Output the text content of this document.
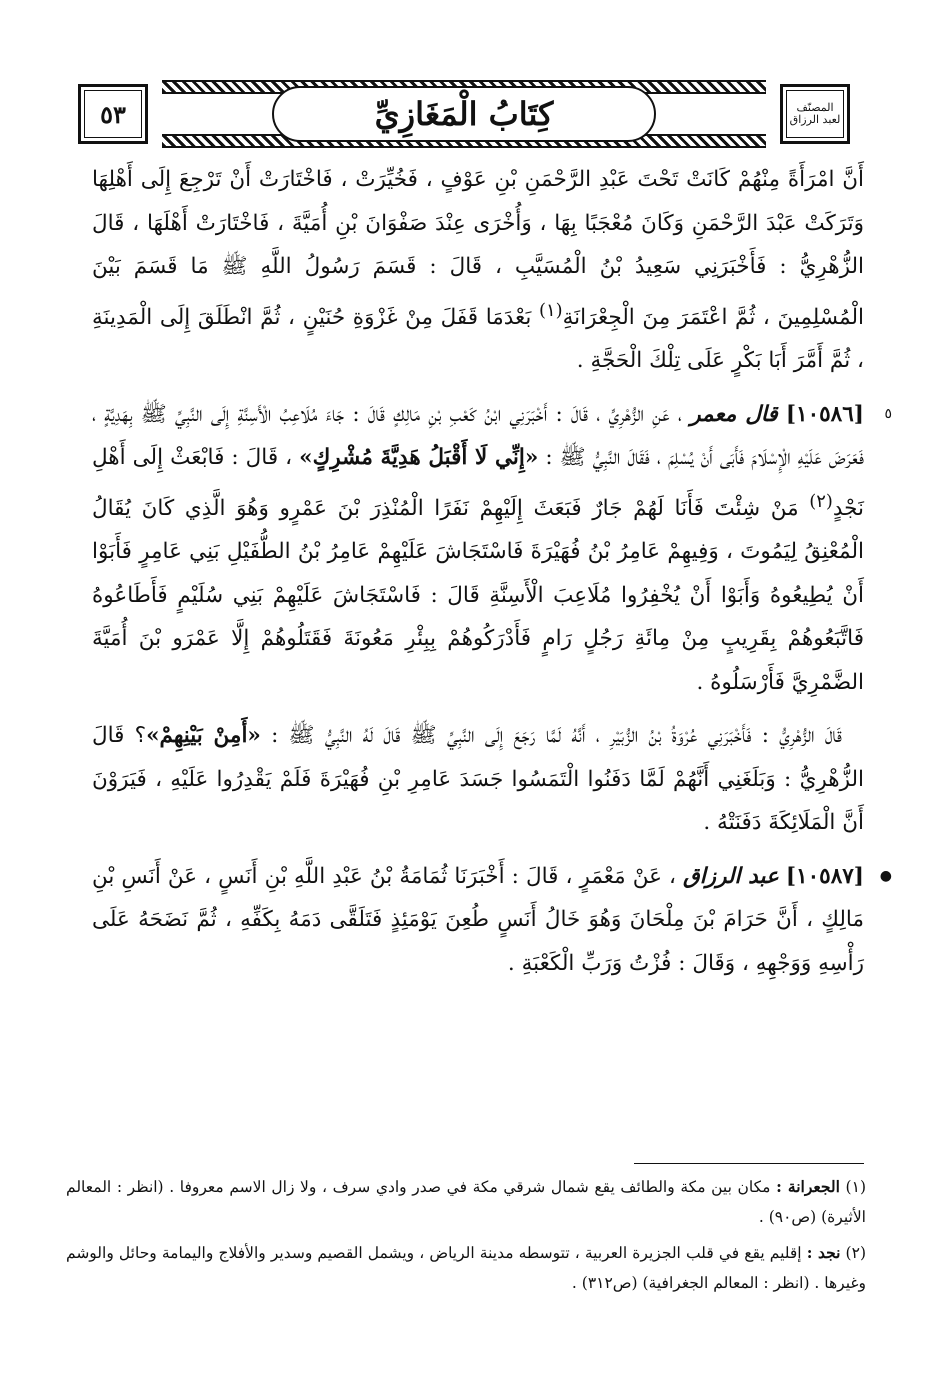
٥٣	كِتَابُ الْمَغَازِيِّ	المصنّف
لعبد الرزاق

أَنَّ امْرَأَةً مِنْهُمْ كَانَتْ تَحْتَ عَبْدِ الرَّحْمَنِ بْنِ عَوْفٍ ، فَخُيِّرَتْ ، فَاخْتَارَتْ أَنْ تَرْجِعَ إِلَى أَهْلِهَا وَتَرَكَتْ عَبْدَ الرَّحْمَنِ وَكَانَ مُعْجَبًا بِهَا ، وَأُخْرَى عِنْدَ صَفْوَانَ بْنِ أُمَيَّةَ ، فَاخْتَارَتْ أَهْلَهَا ، قَالَ الزُّهْرِيُّ : فَأَخْبَرَنِي سَعِيدُ بْنُ الْمُسَيَّبِ ، قَالَ : قَسَمَ رَسُولُ اللَّهِ ﷺ مَا قَسَمَ بَيْنَ الْمُسْلِمِينَ ، ثُمَّ اعْتَمَرَ مِنَ الْجِعْرَانَةِ$^{(١)}$ بَعْدَمَا قَفَلَ مِنْ غَزْوَةِ حُنَيْنٍ ، ثُمَّ انْطَلَقَ إِلَى الْمَدِينَةِ ، ثُمَّ أَمَّرَ أَبَا بَكْرٍ عَلَى تِلْكَ الْحَجَّةِ .

٥
[١٠٥٨٦] قال معمر ، عَنِ الزُّهْرِيِّ ، قَالَ : أَخْبَرَنِي ابْنُ كَعْبِ بْنِ مَالِكٍ قَالَ : جَاءَ مُلَاعِبُ الْأَسِنَّةِ إِلَى النَّبِيِّ ﷺ بِهَدِيَّةٍ ، فَعَرَضَ عَلَيْهِ الْإِسْلَامَ فَأَبَى أَنْ يُسْلِمَ ، فَقَالَ النَّبِيُّ ﷺ : «إِنِّي لَا أَقْبَلُ هَدِيَّةَ مُشْرِكٍ» ، قَالَ : فَابْعَثْ إِلَى أَهْلِ نَجْدٍ$^{(٢)}$ مَنْ شِئْتَ فَأَنَا لَهُمْ جَارٌ فَبَعَثَ إِلَيْهِمْ نَفَرًا الْمُنْذِرَ بْنَ عَمْرٍو وَهُوَ الَّذِي كَانَ يُقَالُ الْمُعْنِقُ لِيَمُوتَ ، وَفِيهِمْ عَامِرُ بْنُ فُهَيْرَةَ فَاسْتَجَاشَ عَلَيْهِمْ عَامِرُ بْنُ الطُّفَيْلِ بَنِي عَامِرٍ فَأَبَوْا أَنْ يُطِيعُوهُ وَأَبَوْا أَنْ يُخْفِرُوا مُلَاعِبَ الْأَسِنَّةِ قَالَ : فَاسْتَجَاشَ عَلَيْهِمْ بَنِي سُلَيْمٍ فَأَطَاعُوهُ فَاتَّبَعُوهُمْ بِقَرِيبٍ مِنْ مِائَةِ رَجُلٍ رَامٍ فَأَدْرَكُوهُمْ بِبِئْرِ مَعُونَةَ فَقَتَلُوهُمْ إِلَّا عَمْرَو بْنَ أُمَيَّةَ الضَّمْرِيَّ فَأَرْسَلُوهُ .

قَالَ الزُّهْرِيُّ : فَأَخْبَرَنِي عُرْوَةُ بْنُ الزُّبَيْرِ ، أَنَّهُ لَمَّا رَجَعَ إِلَى النَّبِيِّ ﷺ قَالَ لَهُ النَّبِيُّ ﷺ : «أَمِنْ بَيْنِهِمْ»؟ قَالَ الزُّهْرِيُّ : وَبَلَغَنِي أَنَّهُمْ لَمَّا دَفَنُوا الْتَمَسُوا جَسَدَ عَامِرِ بْنِ فُهَيْرَةَ فَلَمْ يَقْدِرُوا عَلَيْهِ ، فَيَرَوْنَ أَنَّ الْمَلَائِكَةَ دَفَنَتْهُ .

●
[١٠٥٨٧] عبد الرزاق ، عَنْ مَعْمَرٍ ، قَالَ : أَخْبَرَنَا ثُمَامَةُ بْنُ عَبْدِ اللَّهِ بْنِ أَنَسٍ ، عَنْ أَنَسِ بْنِ مَالِكٍ ، أَنَّ حَرَامَ بْنَ مِلْحَانَ وَهُوَ خَالُ أَنَسٍ طُعِنَ يَوْمَئِذٍ فَتَلَقَّى دَمَهُ بِكَفِّهِ ، ثُمَّ نَضَحَهُ عَلَى رَأْسِهِ وَوَجْهِهِ ، وَقَالَ : فُزْتُ وَرَبِّ الْكَعْبَةِ .

(١) الجعرانة : مكان بين مكة والطائف يقع شمال شرقي مكة في صدر وادي سرف ، ولا زال الاسم معروفا . (انظر : المعالم الأثيرة) (ص٩٠) .

(٢) نجد : إقليم يقع في قلب الجزيرة العربية ، تتوسطه مدينة الرياض ، ويشمل القصيم وسدير والأفلاج واليمامة وحائل والوشم وغيرها . (انظر : المعالم الجغرافية) (ص٣١٢) .
